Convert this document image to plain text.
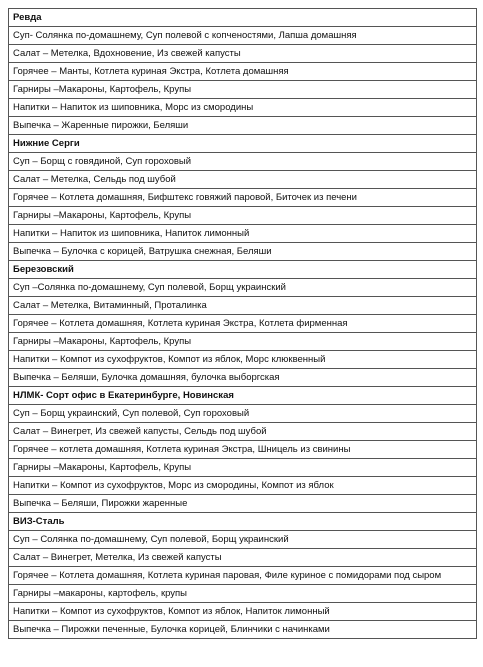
Ревда
Суп- Солянка по-домашнему, Суп полевой с копченостями, Лапша домашняя
Салат – Метелка, Вдохновение, Из свежей капусты
Горячее – Манты, Котлета куриная Экстра, Котлета домашняя
Гарниры –Макароны, Картофель, Крупы
Напитки – Напиток из шиповника, Морс из смородины
Выпечка – Жаренные пирожки, Беляши
Нижние Серги
Суп – Борщ с говядиной, Суп гороховый
Салат – Метелка, Сельдь под шубой
Горячее – Котлета домашняя, Бифштекс говяжий паровой, Биточек из печени
Гарниры –Макароны, Картофель, Крупы
Напитки – Напиток из шиповника, Напиток лимонный
Выпечка – Булочка с корицей, Ватрушка снежная, Беляши
Березовский
Суп –Солянка по-домашнему, Суп полевой, Борщ украинский
Салат – Метелка, Витаминный, Проталинка
Горячее – Котлета домашняя, Котлета куриная Экстра, Котлета фирменная
Гарниры –Макароны, Картофель, Крупы
Напитки – Компот из сухофруктов, Компот из яблок, Морс клюквенный
Выпечка – Беляши, Булочка домашняя, булочка выборгская
НЛМК- Сорт офис в Екатеринбурге, Новинская
Суп – Борщ украинский, Суп полевой, Суп гороховый
Салат – Винегрет, Из свежей капусты, Сельдь под шубой
Горячее – котлета домашняя, Котлета куриная Экстра, Шницель из свинины
Гарниры –Макароны, Картофель, Крупы
Напитки – Компот из сухофруктов, Морс из смородины, Компот из яблок
Выпечка – Беляши, Пирожки жаренные
ВИЗ-Сталь
Суп – Солянка по-домашнему, Суп полевой, Борщ украинский
Салат – Винегрет, Метелка, Из свежей капусты
Горячее – Котлета домашняя, Котлета куриная паровая, Филе куриное с помидорами под сыром
Гарниры –макароны, картофель, крупы
Напитки – Компот из сухофруктов, Компот из яблок, Напиток лимонный
Выпечка – Пирожки печенные, Булочка корицей, Блинчики с начинками
